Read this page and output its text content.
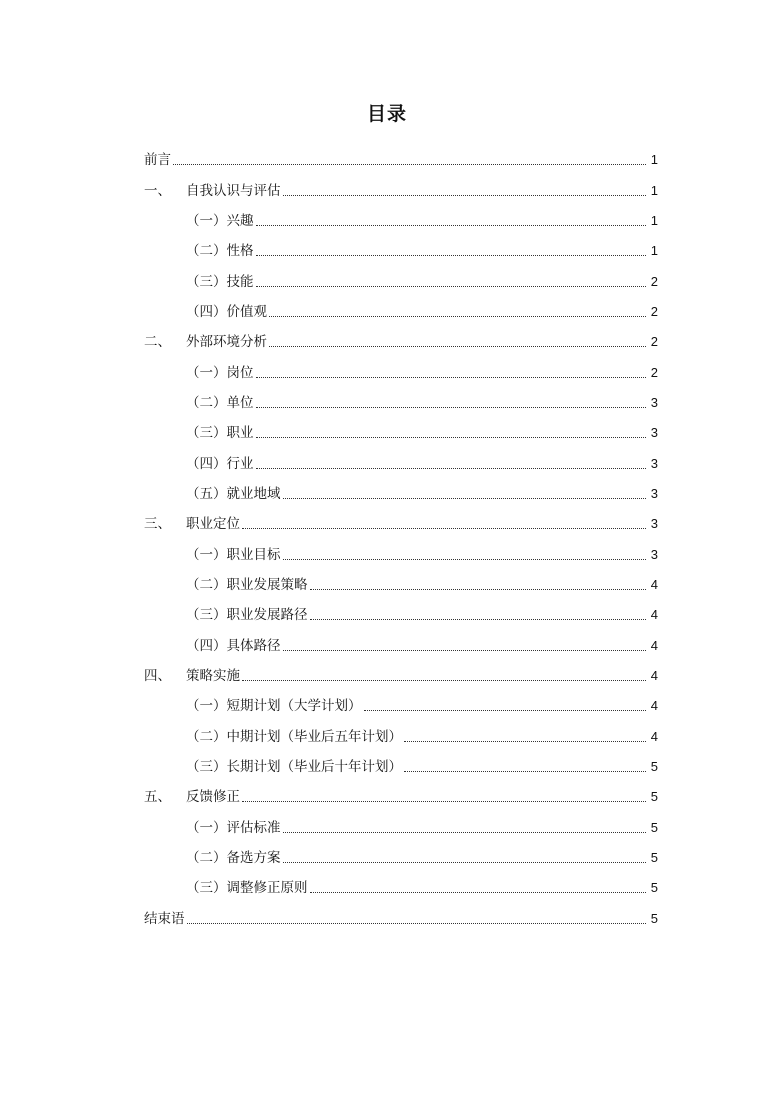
目录
前言	1
一、 自我认识与评估	1
（一）兴趣	1
（二）性格	1
（三）技能	2
（四）价值观	2
二、 外部环境分析	2
（一）岗位	2
（二）单位	3
（三）职业	3
（四）行业	3
（五）就业地域	3
三、 职业定位	3
（一）职业目标	3
（二）职业发展策略	4
（三）职业发展路径	4
（四）具体路径	4
四、 策略实施	4
（一）短期计划（大学计划）	4
（二）中期计划（毕业后五年计划）	4
（三）长期计划（毕业后十年计划）	5
五、 反馈修正	5
（一）评估标准	5
（二）备选方案	5
（三）调整修正原则	5
结束语	5
